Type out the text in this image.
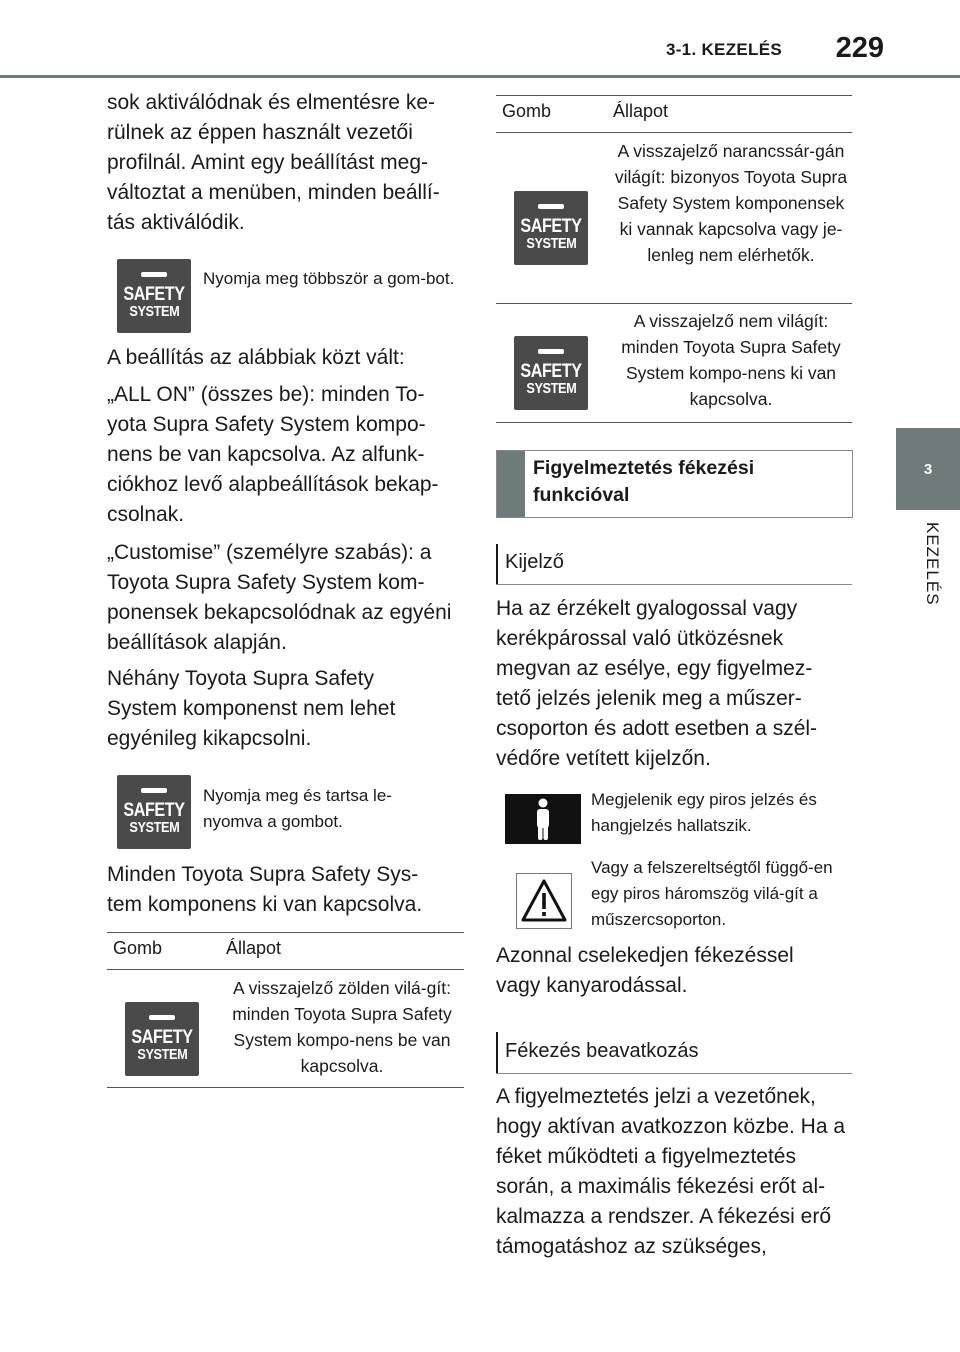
3-1. KEZELÉS 229
3
KEZELÉS

sok aktiválódnak és elmentésre ke-rülnek az éppen használt vezetői profilnál. Amint egy beállítást meg-változtat a menüben, minden beállí-tás aktiválódik.

SAFETY
SYSTEM

Nyomja meg többször a gom-bot.

A beállítás az alábbiak közt vált:

„ALL ON” (összes be): minden To-yota Supra Safety System kompo-nens be van kapcsolva. Az alfunk-ciókhoz levő alapbeállítások bekap-csolnak.

„Customise” (személyre szabás): a Toyota Supra Safety System kom-ponensek bekapcsolódnak az egyéni beállítások alapján.

Néhány Toyota Supra Safety System komponenst nem lehet egyénileg kikapcsolni.

SAFETY
SYSTEM

Nyomja meg és tartsa le-nyomva a gombot.

Minden Toyota Supra Safety Sys-tem komponens ki van kapcsolva.

Gomb	Állapot
SAFETY
SYSTEM
A visszajelző zölden vilá-gít: minden Toyota Supra Safety System kompo-nens be van kapcsolva.
Gomb	Állapot
SAFETY
SYSTEM
A visszajelző narancssár-gán világít: bizonyos Toyota Supra Safety System komponensek ki vannak kapcsolva vagy je-lenleg nem elérhetők.
SAFETY
SYSTEM
A visszajelző nem világít: minden Toyota Supra Safety System kompo-nens ki van kapcsolva.
Figyelmeztetés fékezési funkcióval
Kijelző

Ha az érzékelt gyalogossal vagy kerékpárossal való ütközésnek megvan az esélye, egy figyelmez-tető jelzés jelenik meg a műszer-csoporton és adott esetben a szél-védőre vetített kijelzőn.

Megjelenik egy piros jelzés és hangjelzés hallatszik.

Vagy a felszereltségtől függő-en egy piros háromszög vilá-gít a műszercsoporton.

Azonnal cselekedjen fékezéssel vagy kanyarodással.

Fékezés beavatkozás

A figyelmeztetés jelzi a vezetőnek, hogy aktívan avatkozzon közbe. Ha a féket működteti a figyelmeztetés során, a maximális fékezési erőt al-kalmazza a rendszer. A fékezési erő támogatáshoz az szükséges,
